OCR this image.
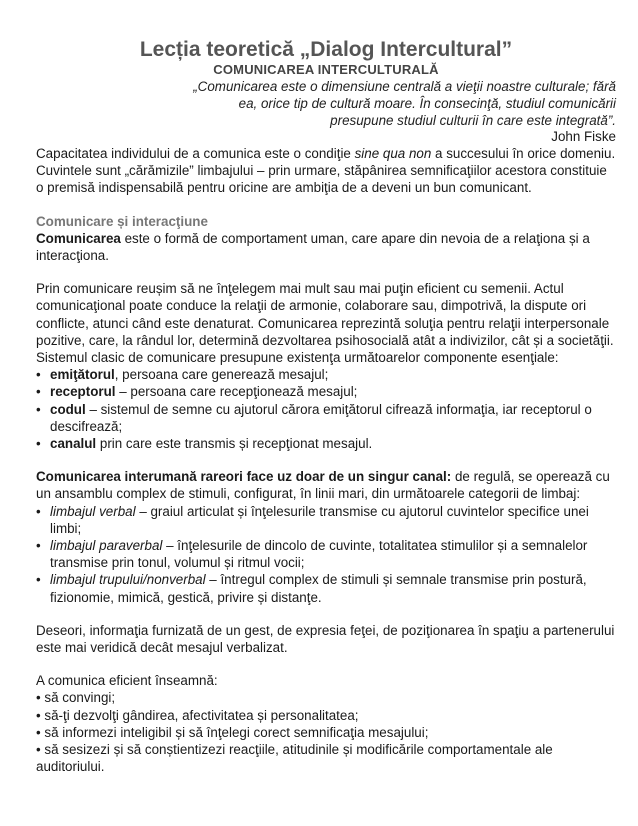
Lecția teoretică „Dialog Intercultural”
COMUNICAREA INTERCULTURALĂ
„Comunicarea este o dimensiune centrală a vieţii noastre culturale; fără ea, orice tip de cultură moare. În consecinţă, studiul comunicării presupune studiul culturii în care este integrată”.
John Fiske

Capacitatea individului de a comunica este o condiţie sine qua non a succesului în orice domeniu. Cuvintele sunt „cărămizile” limbajului – prin urmare, stăpânirea semnificaţiilor acestora constituie o premisă indispensabilă pentru oricine are ambiţia de a deveni un bun comunicant.

Comunicare și interacţiune

Comunicarea este o formă de comportament uman, care apare din nevoia de a relaţiona și a interacţiona.

Prin comunicare reușim să ne înţelegem mai mult sau mai puţin eficient cu semenii. Actul comunicaţional poate conduce la relaţii de armonie, colaborare sau, dimpotrivă, la dispute ori conflicte, atunci când este denaturat. Comunicarea reprezintă soluţia pentru relaţii interpersonale pozitive, care, la rândul lor, determină dezvoltarea psihosocială atât a indivizilor, cât și a societăţii. Sistemul clasic de comunicare presupune existenţa următoarelor componente esenţiale:

• emiţătorul, persoana care generează mesajul;
• receptorul – persoana care recepţionează mesajul;
• codul – sistemul de semne cu ajutorul cărora emiţătorul cifrează informaţia, iar receptorul o descifrează;
• canalul prin care este transmis și recepţionat mesajul.

Comunicarea interumană rareori face uz doar de un singur canal: de regulă, se operează cu un ansamblu complex de stimuli, configurat, în linii mari, din următoarele categorii de limbaj:

• limbajul verbal – graiul articulat și înţelesurile transmise cu ajutorul cuvintelor specifice unei limbi;
• limbajul paraverbal – înţelesurile de dincolo de cuvinte, totalitatea stimulilor și a semnalelor transmise prin tonul, volumul și ritmul vocii;
• limbajul trupului/nonverbal – întregul complex de stimuli și semnale transmise prin postură, fizionomie, mimică, gestică, privire și distanţe.

Deseori, informaţia furnizată de un gest, de expresia feţei, de poziţionarea în spaţiu a partenerului este mai veridică decât mesajul verbalizat.

A comunica eficient înseamnă:

• să convingi;
• să-ţi dezvolţi gândirea, afectivitatea și personalitatea;
• să informezi inteligibil și să înţelegi corect semnificaţia mesajului;
• să sesizezi și să conștientizezi reacţiile, atitudinile și modificările comportamentale ale auditoriului.
